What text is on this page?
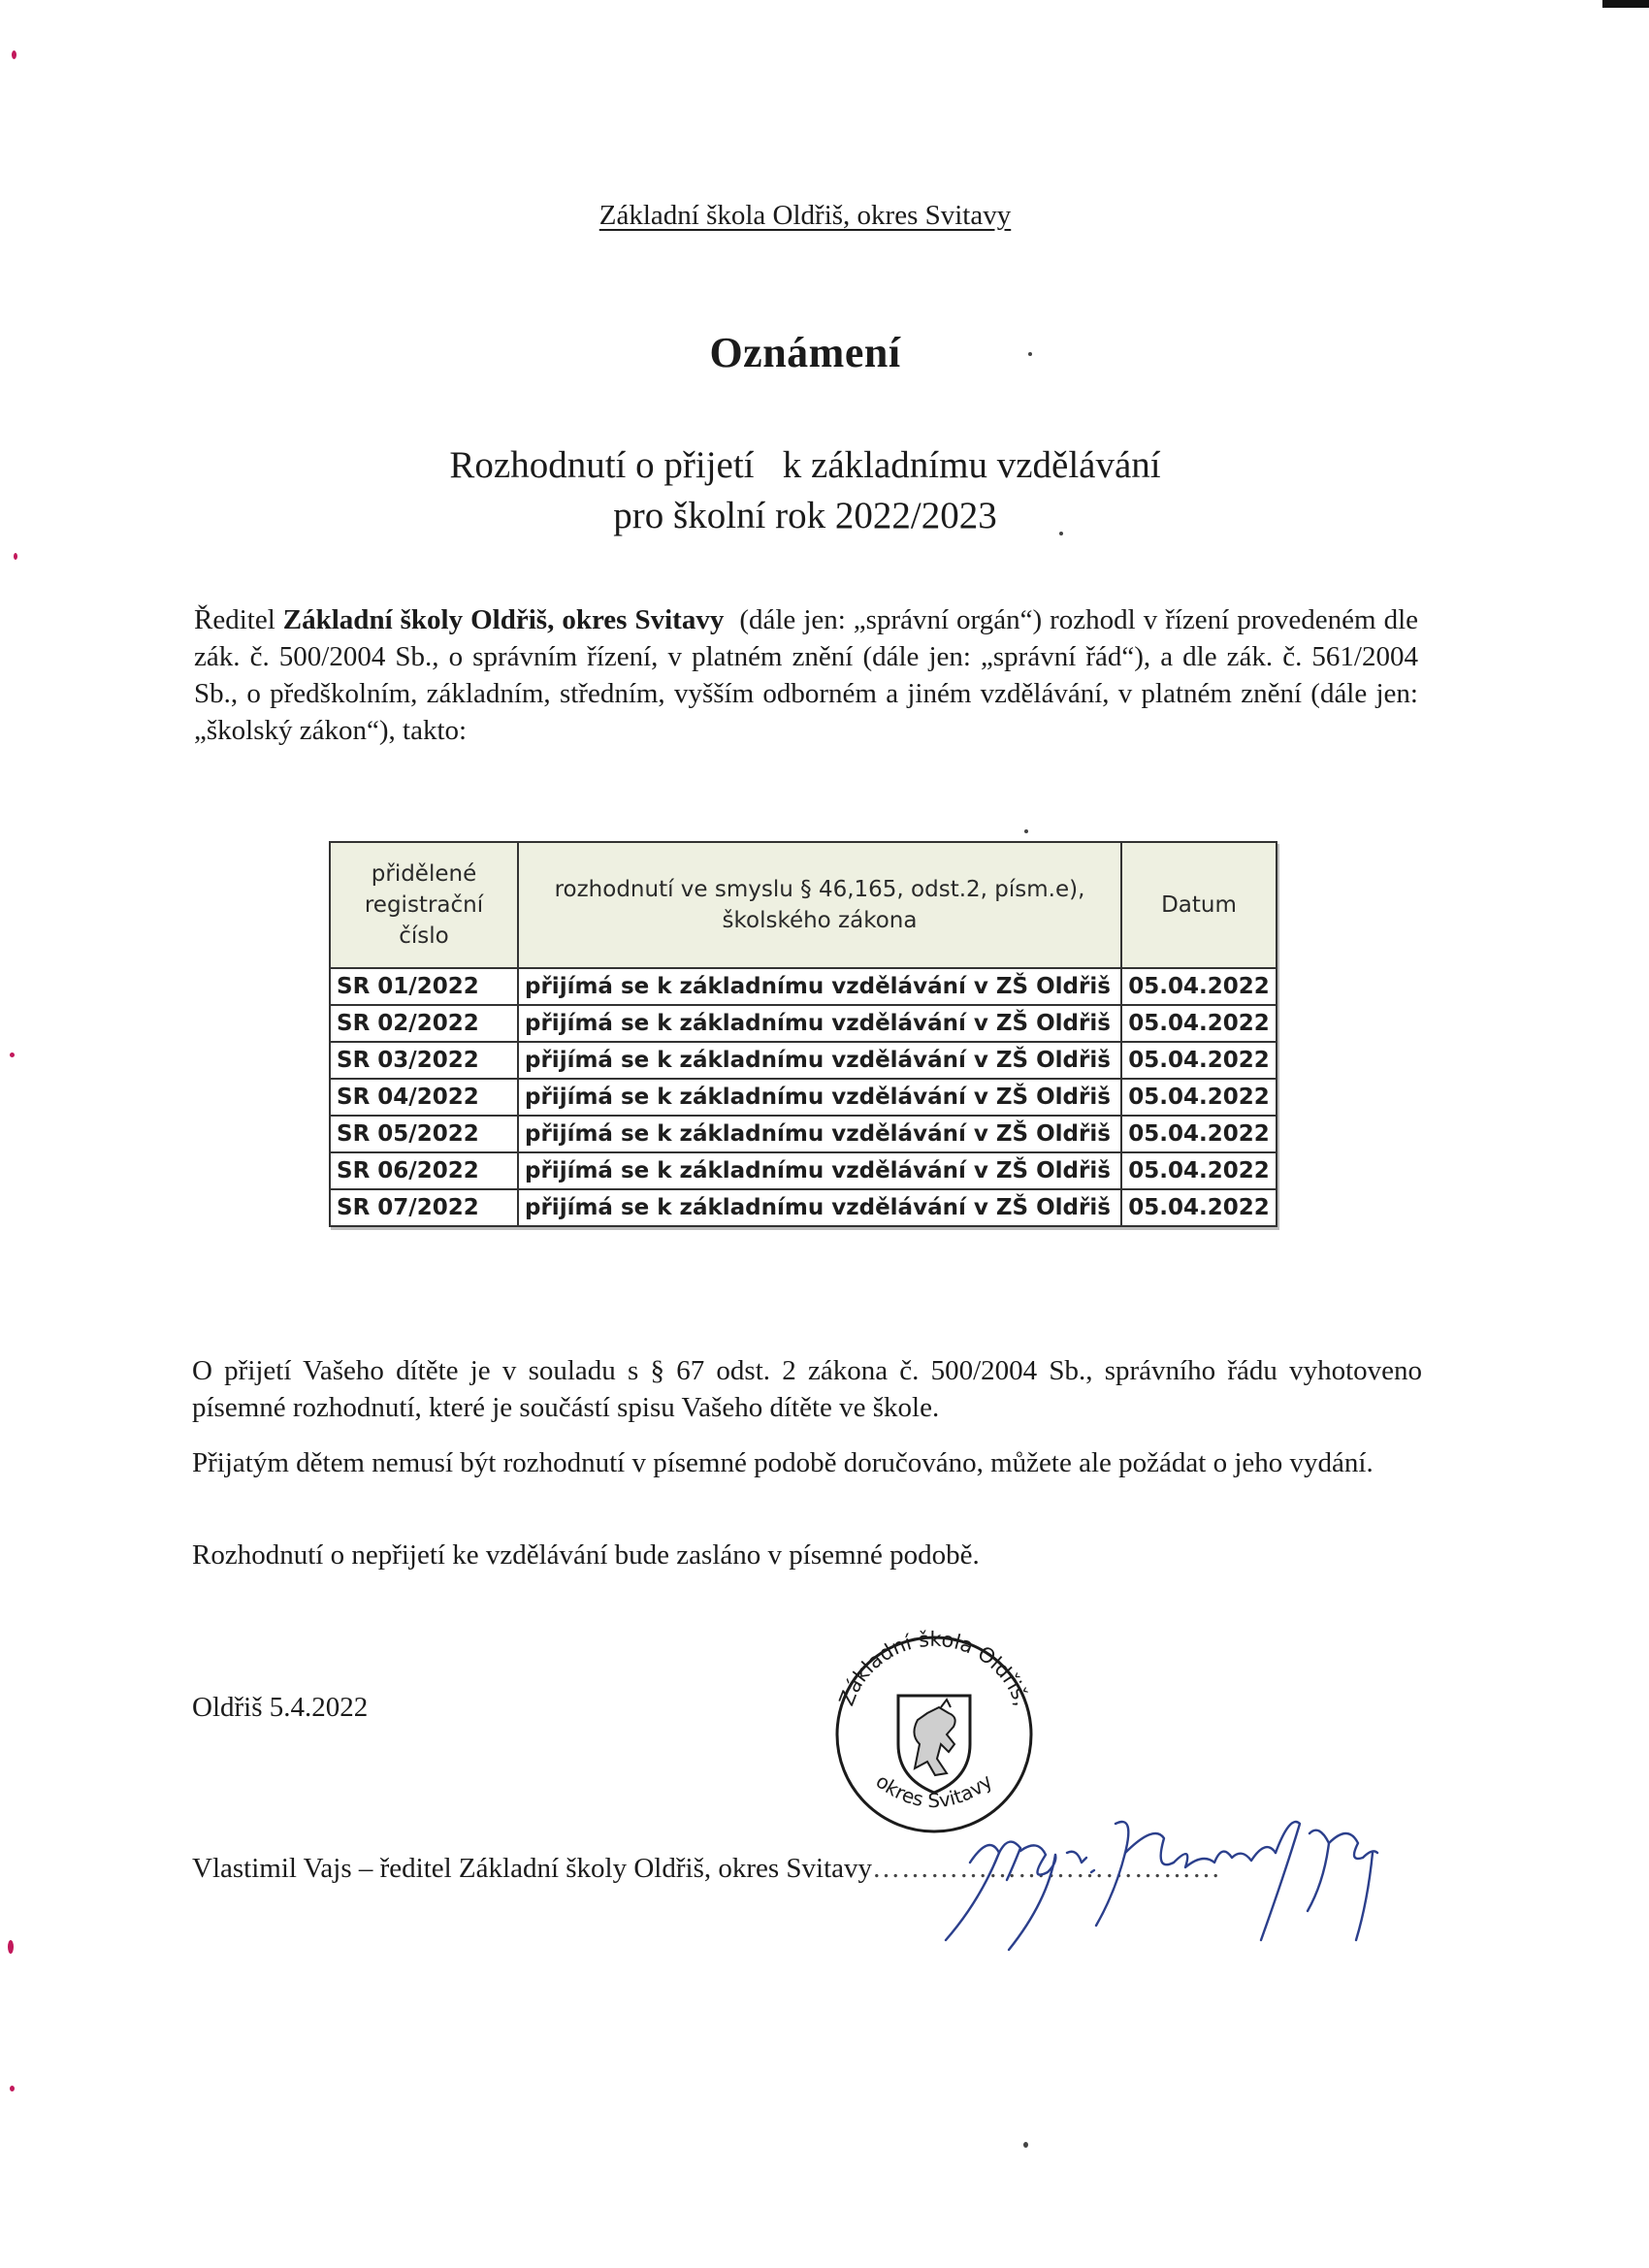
Základní škola Oldřiš, okres Svitavy
Oznámení
Rozhodnutí o přijetí   k základnímu vzdělávání
pro školní rok 2022/2023
Ředitel Základní školy Oldřiš, okres Svitavy  (dále jen: „správní orgán“) rozhodl v řízení provedeném dle zák. č. 500/2004 Sb., o správním řízení, v platném znění (dále jen: „správní řád“), a dle zák. č. 561/2004 Sb., o předškolním, základním, středním, vyšším odborném a jiném vzdělávání, v platném znění (dále jen: „školský zákon“), takto:
přidělené registrační číslo	rozhodnutí ve smyslu § 46,165, odst.2, písm.e), školského zákona	Datum
SR 01/2022	přijímá se k základnímu vzdělávání v ZŠ Oldřiš	05.04.2022
SR 02/2022	přijímá se k základnímu vzdělávání v ZŠ Oldřiš	05.04.2022
SR 03/2022	přijímá se k základnímu vzdělávání v ZŠ Oldřiš	05.04.2022
SR 04/2022	přijímá se k základnímu vzdělávání v ZŠ Oldřiš	05.04.2022
SR 05/2022	přijímá se k základnímu vzdělávání v ZŠ Oldřiš	05.04.2022
SR 06/2022	přijímá se k základnímu vzdělávání v ZŠ Oldřiš	05.04.2022
SR 07/2022	přijímá se k základnímu vzdělávání v ZŠ Oldřiš	05.04.2022
O přijetí Vašeho dítěte je v souladu s § 67 odst. 2 zákona č. 500/2004 Sb., správního řádu vyhotoveno písemné rozhodnutí, které je součástí spisu Vašeho dítěte ve škole.
Přijatým dětem nemusí být rozhodnutí v písemné podobě doručováno, můžete ale požádat o jeho vydání.
Rozhodnutí o nepřijetí ke vzdělávání bude zasláno v písemné podobě.
Oldřiš 5.4.2022	Základní škola Oldřiš,
okres Svitavy
Vlastimil Vajs – ředitel Základní školy Oldřiš, okres Svitavy………………………………
